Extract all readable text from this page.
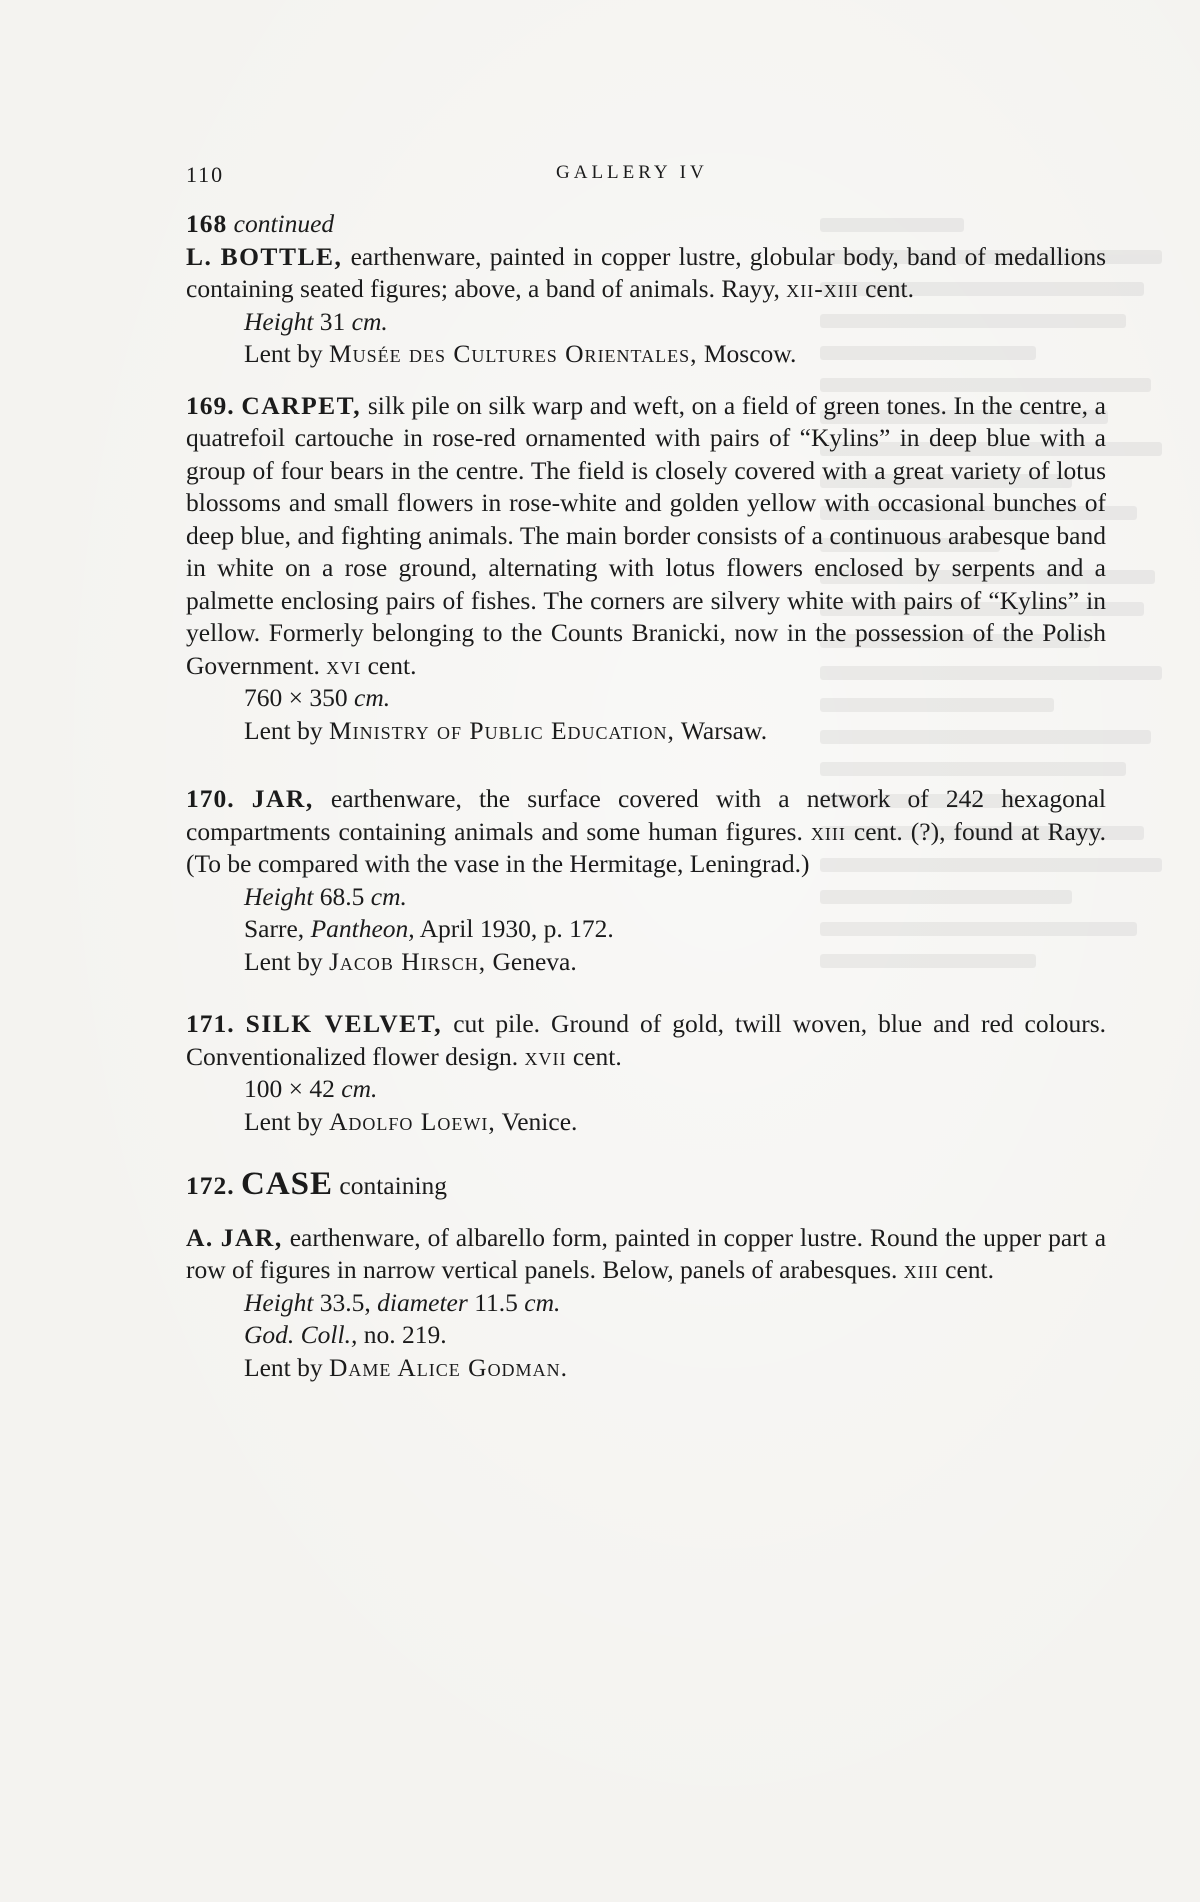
110	GALLERY IV

168 continued

L. BOTTLE, earthenware, painted in copper lustre, globular body, band of medallions containing seated figures; above, a band of animals. Rayy, xii-xiii cent.

Height 31 cm.

Lent by Musée des Cultures Orientales, Moscow.

169. CARPET, silk pile on silk warp and weft, on a field of green tones. In the centre, a quatrefoil cartouche in rose-red ornamented with pairs of “Kylins” in deep blue with a group of four bears in the centre. The field is closely covered with a great variety of lotus blossoms and small flowers in rose-white and golden yellow with occasional bunches of deep blue, and fighting animals. The main border consists of a continuous arabesque band in white on a rose ground, alternating with lotus flowers enclosed by serpents and a palmette enclosing pairs of fishes. The corners are silvery white with pairs of “Kylins” in yellow. Formerly belonging to the Counts Branicki, now in the possession of the Polish Government. xvi cent.

760 × 350 cm.

Lent by Ministry of Public Education, Warsaw.

170. JAR, earthenware, the surface covered with a network of 242 hexagonal compartments containing animals and some human figures. xiii cent. (?), found at Rayy. (To be compared with the vase in the Hermitage, Leningrad.)

Height 68.5 cm.

Sarre, Pantheon, April 1930, p. 172.

Lent by Jacob Hirsch, Geneva.

171. SILK VELVET, cut pile. Ground of gold, twill woven, blue and red colours. Conventionalized flower design. xvii cent.

100 × 42 cm.

Lent by Adolfo Loewi, Venice.

172. CASE containing

A. JAR, earthenware, of albarello form, painted in copper lustre. Round the upper part a row of figures in narrow vertical panels. Below, panels of arabesques. xiii cent.

Height 33.5, diameter 11.5 cm.

God. Coll., no. 219.

Lent by Dame Alice Godman.
